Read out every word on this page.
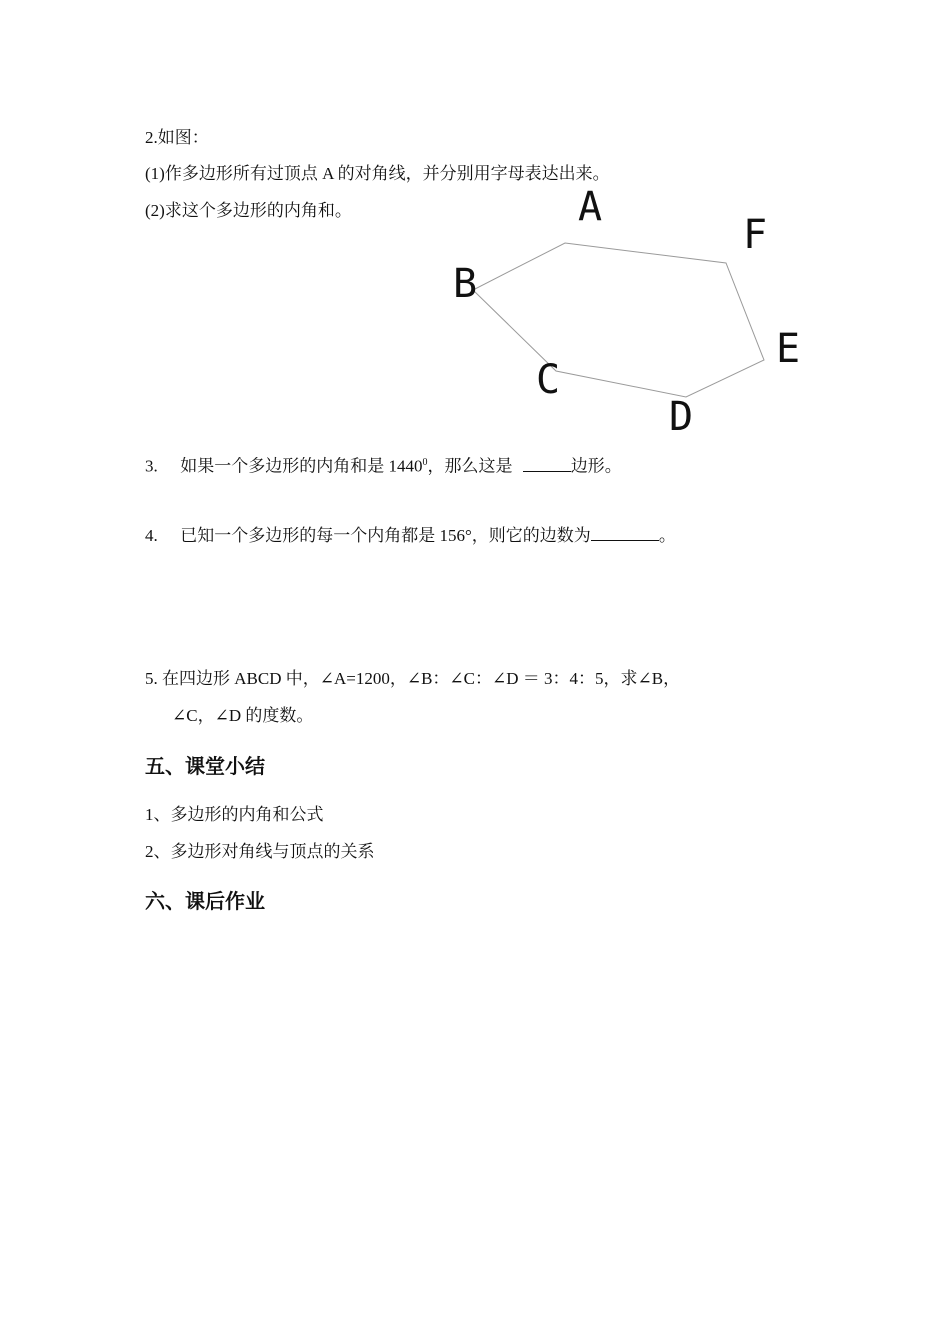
2.如图：
(1)作多边形所有过顶点 A 的对角线，并分别用字母表达出来。
(2)求这个多边形的内角和。	A
B
C
D
E
F
3. 如果一个多边形的内角和是 1440$^0$，那么这是	边形。
4. 已知一个多边形的每一个内角都是 156°，则它的边数为	。
5. 在四边形 ABCD 中，∠A=1200，∠B：∠C：∠D ＝ 3：4：5，求∠B，
∠C，∠D 的度数。
五、课堂小结
1、多边形的内角和公式
2、多边形对角线与顶点的关系
六、课后作业
